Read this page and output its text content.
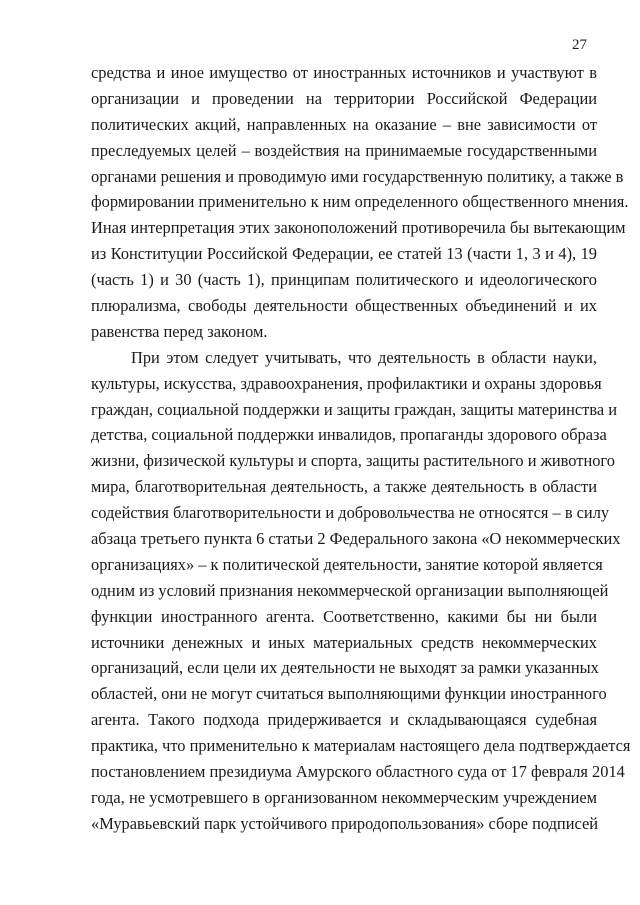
27
средства и иное имущество от иностранных источников и участвуют в
организации и проведении на территории Российской Федерации
политических акций, направленных на оказание – вне зависимости от
преследуемых целей – воздействия на принимаемые государственными
органами решения и проводимую ими государственную политику, а также в
формировании применительно к ним определенного общественного мнения.
Иная интерпретация этих законоположений противоречила бы вытекающим
из Конституции Российской Федерации, ее статей 13 (части 1, 3 и 4), 19
(часть 1) и 30 (часть 1), принципам политического и идеологического
плюрализма, свободы деятельности общественных объединений и их
равенства перед законом.
При этом следует учитывать, что деятельность в области науки,
культуры, искусства, здравоохранения, профилактики и охраны здоровья
граждан, социальной поддержки и защиты граждан, защиты материнства и
детства, социальной поддержки инвалидов, пропаганды здорового образа
жизни, физической культуры и спорта, защиты растительного и животного
мира, благотворительная деятельность, а также деятельность в области
содействия благотворительности и добровольчества не относятся – в силу
абзаца третьего пункта 6 статьи 2 Федерального закона «О некоммерческих
организациях» – к политической деятельности, занятие которой является
одним из условий признания некоммерческой организации выполняющей
функции иностранного агента. Соответственно, какими бы ни были
источники денежных и иных материальных средств некоммерческих
организаций, если цели их деятельности не выходят за рамки указанных
областей, они не могут считаться выполняющими функции иностранного
агента. Такого подхода придерживается и складывающаяся судебная
практика, что применительно к материалам настоящего дела подтверждается
постановлением президиума Амурского областного суда от 17 февраля 2014
года, не усмотревшего в организованном некоммерческим учреждением
«Муравьевский парк устойчивого природопользования» сборе подписей
